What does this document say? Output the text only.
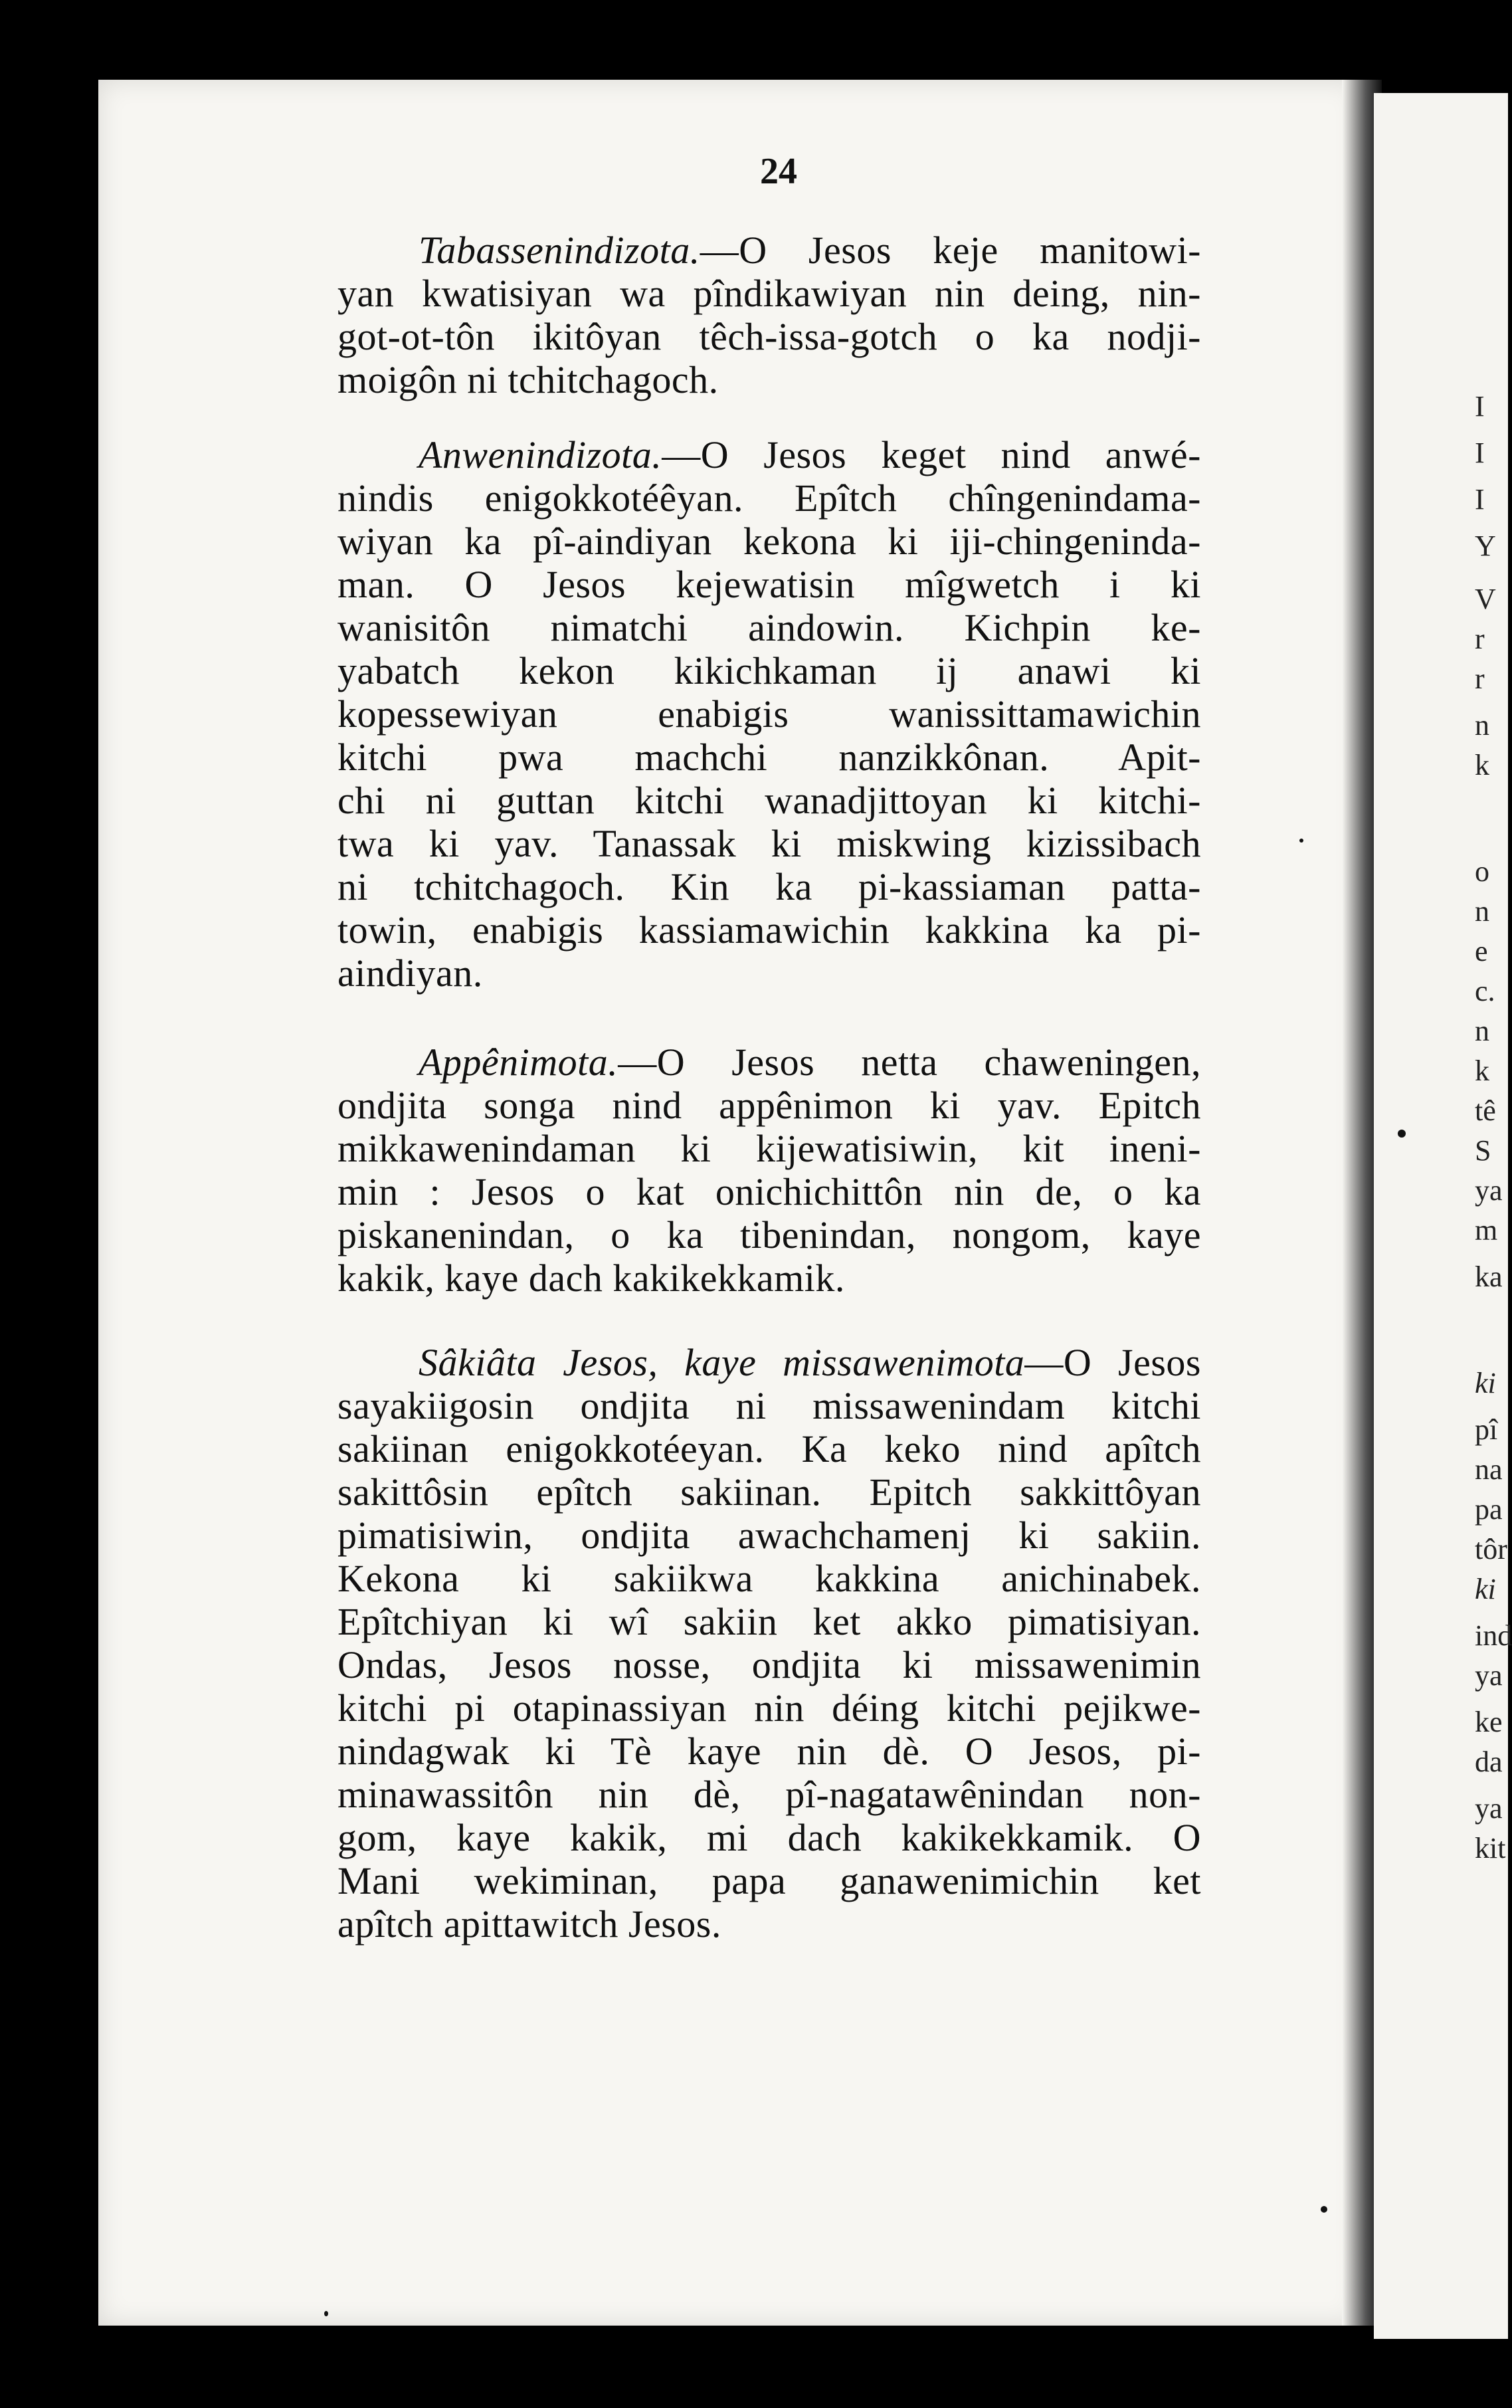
I
I
I
Y
V
r
r
n
k
o
n
e
c.
n
k
tê
S
ya
m
ka
ki
pî
na
pa
tôr
ki
ind
ya
ke
da
ya
kit
24
Tabassenindizota.—O Jesos keje manitowi-
yan kwatisiyan wa pîndikawiyan nin deing, nin-
got-ot-tôn ikitôyan têch-issa-gotch o ka nodji-
moigôn ni tchitchagoch.
Anwenindizota.—O Jesos keget nind anwé-
nindis enigokkotéêyan. Epîtch chîngenindama-
wiyan ka pî-aindiyan kekona ki iji-chingeninda-
man. O Jesos kejewatisin mîgwetch i ki
wanisitôn nimatchi aindowin. Kichpin ke-
yabatch kekon kikichkaman ij anawi ki
kopessewiyan enabigis wanissittamawichin
kitchi pwa machchi nanzikkônan. Apit-
chi ni guttan kitchi wanadjittoyan ki kitchi-
twa ki yav. Tanassak ki miskwing kizissibach
ni tchitchagoch. Kin ka pi-kassiaman patta-
towin, enabigis kassiamawichin kakkina ka pi-
aindiyan.
Appênimota.—O Jesos netta chaweningen,
ondjita songa nind appênimon ki yav. Epitch
mikkawenindaman ki kijewatisiwin, kit ineni-
min : Jesos o kat onichichittôn nin de, o ka
piskanenindan, o ka tibenindan, nongom, kaye
kakik, kaye dach kakikekkamik.
Sâkiâta Jesos, kaye missawenimota—O Jesos
sayakiigosin ondjita ni missawenindam kitchi
sakiinan enigokkotéeyan. Ka keko nind apîtch
sakittôsin epîtch sakiinan. Epitch sakkittôyan
pimatisiwin, ondjita awachchamenj ki sakiin.
Kekona ki sakiikwa kakkina anichinabek.
Epîtchiyan ki wî sakiin ket akko pimatisiyan.
Ondas, Jesos nosse, ondjita ki missawenimin
kitchi pi otapinassiyan nin déing kitchi pejikwe-
nindagwak ki Tè kaye nin dè. O Jesos, pi-
minawassitôn nin dè, pî-nagatawênindan non-
gom, kaye kakik, mi dach kakikekkamik. O
Mani wekiminan, papa ganawenimichin ket
apîtch apittawitch Jesos.
